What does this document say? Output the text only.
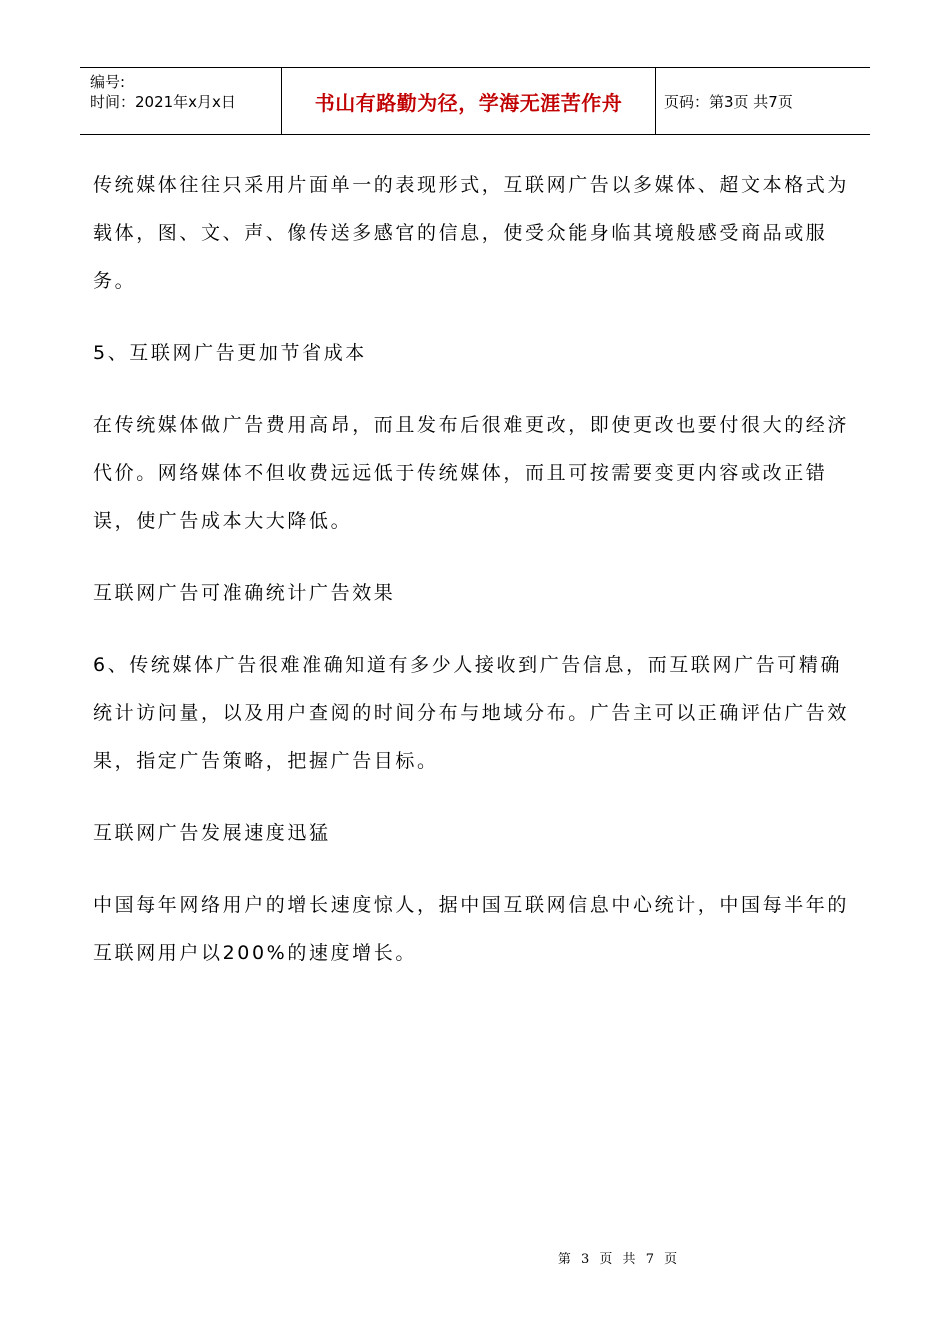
编号:
时间：2021年x月x日	书山有路勤为径，学海无涯苦作舟	页码：第3页 共7页

传统媒体往往只采用片面单一的表现形式，互联网广告以多媒体、超文本格式为载体，图、文、声、像传送多感官的信息，使受众能身临其境般感受商品或服务。

5、互联网广告更加节省成本

在传统媒体做广告费用高昂，而且发布后很难更改，即使更改也要付很大的经济代价。网络媒体不但收费远远低于传统媒体，而且可按需要变更内容或改正错误，使广告成本大大降低。

互联网广告可准确统计广告效果

6、传统媒体广告很难准确知道有多少人接收到广告信息，而互联网广告可精确统计访问量，以及用户查阅的时间分布与地域分布。广告主可以正确评估广告效果，指定广告策略，把握广告目标。

互联网广告发展速度迅猛

中国每年网络用户的增长速度惊人，据中国互联网信息中心统计，中国每半年的互联网用户以200%的速度增长。

第 3 页 共 7 页
